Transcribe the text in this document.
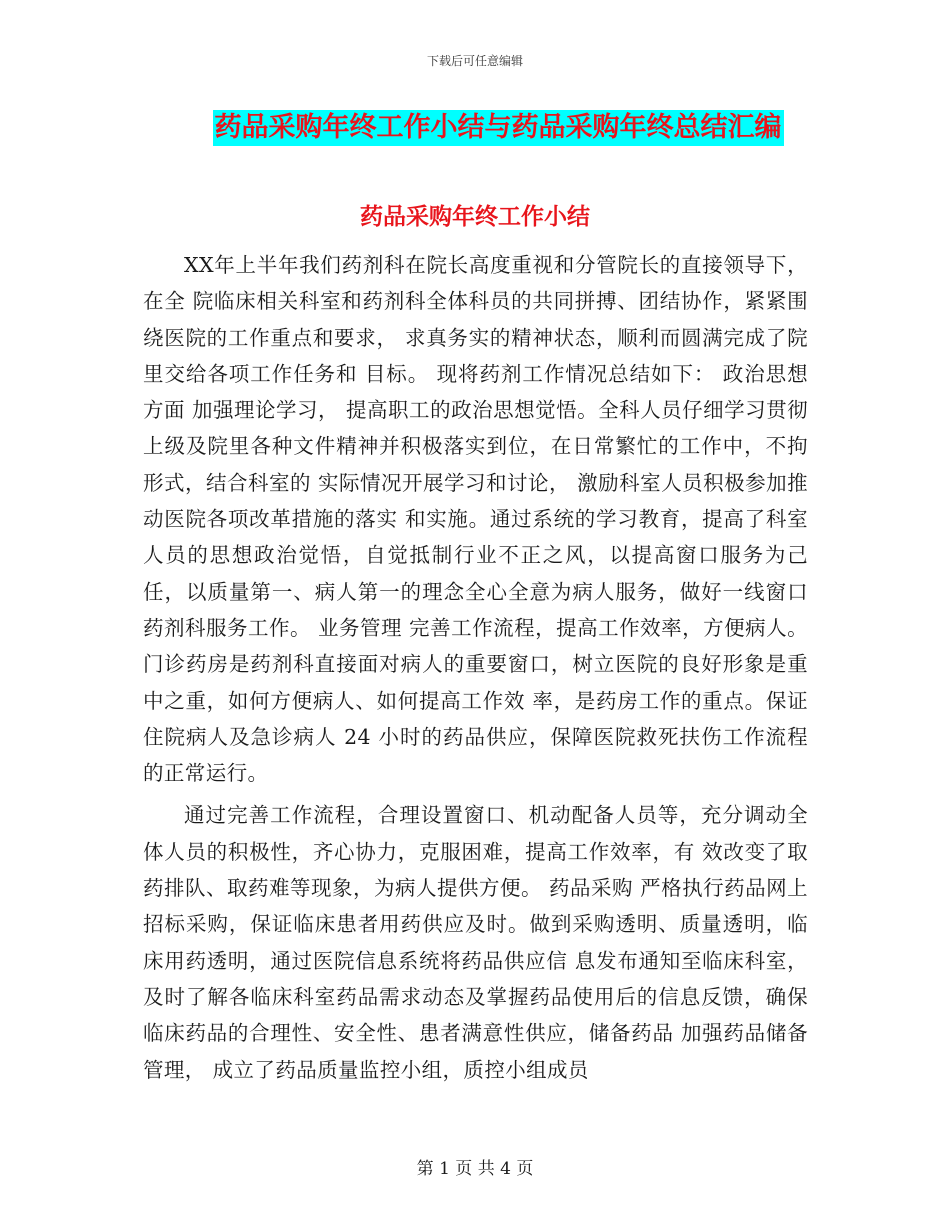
下载后可任意编辑
药品采购年终工作小结与药品采购年终总结汇编
药品采购年终工作小结

XX年上半年我们药剂科在院长高度重视和分管院长的直接领导下，在全 院临床相关科室和药剂科全体科员的共同拼搏、团结协作，紧紧围绕医院的工作重点和要求， 求真务实的精神状态，顺利而圆满完成了院里交给各项工作任务和 目标。 现将药剂工作情况总结如下： 政治思想方面 加强理论学习， 提高职工的政治思想觉悟。全科人员仔细学习贯彻上级及院里各种文件精神并积极落实到位，在日常繁忙的工作中，不拘形式，结合科室的 实际情况开展学习和讨论， 激励科室人员积极参加推动医院各项改革措施的落实 和实施。通过系统的学习教育，提高了科室人员的思想政治觉悟，自觉抵制行业不正之风，以提高窗口服务为己任，以质量第一、病人第一的理念全心全意为病人服务，做好一线窗口药剂科服务工作。 业务管理 完善工作流程，提高工作效率，方便病人。门诊药房是药剂科直接面对病人的重要窗口，树立医院的良好形象是重中之重，如何方便病人、如何提高工作效 率，是药房工作的重点。保证住院病人及急诊病人 24 小时的药品供应，保障医院救死扶伤工作流程的正常运行。

通过完善工作流程，合理设置窗口、机动配备人员等，充分调动全体人员的积极性，齐心协力，克服困难，提高工作效率，有 效改变了取药排队、取药难等现象，为病人提供方便。 药品采购 严格执行药品网上招标采购，保证临床患者用药供应及时。做到采购透明、质量透明，临床用药透明，通过医院信息系统将药品供应信 息发布通知至临床科室， 及时了解各临床科室药品需求动态及掌握药品使用后的信息反馈，确保临床药品的合理性、安全性、患者满意性供应，储备药品 加强药品储备管理， 成立了药品质量监控小组，质控小组成员

第 1 页 共 4 页
